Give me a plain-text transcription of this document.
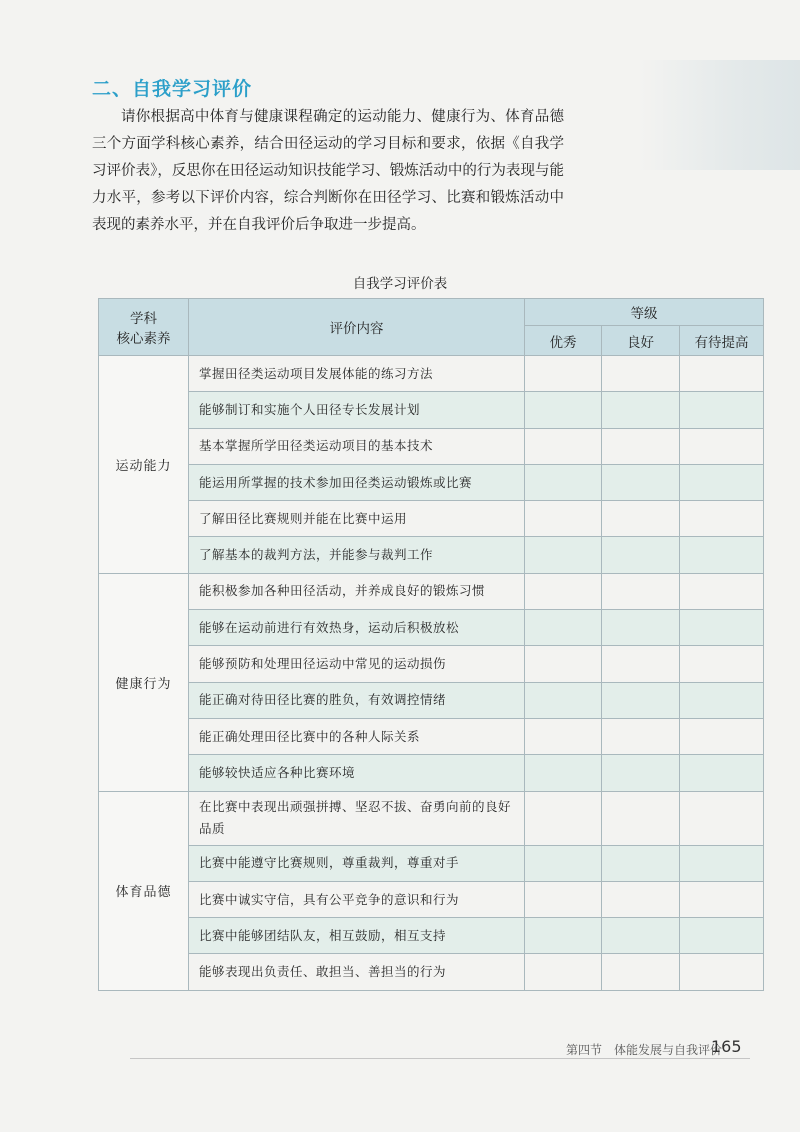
二、自我学习评价

请你根据高中体育与健康课程确定的运动能力、健康行为、体育品德三个方面学科核心素养，结合田径运动的学习目标和要求，依据《自我学习评价表》，反思你在田径运动知识技能学习、锻炼活动中的行为表现与能力水平，参考以下评价内容，综合判断你在田径学习、比赛和锻炼活动中表现的素养水平，并在自我评价后争取进一步提高。

自我学习评价表

学科
核心素养	评价内容	等级		
		优秀	良好	有待提高
运动能力	掌握田径类运动项目发展体能的练习方法			
	能够制订和实施个人田径专长发展计划			
	基本掌握所学田径类运动项目的基本技术			
	能运用所掌握的技术参加田径类运动锻炼或比赛			
	了解田径比赛规则并能在比赛中运用			
	了解基本的裁判方法，并能参与裁判工作			
健康行为	能积极参加各种田径活动，并养成良好的锻炼习惯			
	能够在运动前进行有效热身，运动后积极放松			
	能够预防和处理田径运动中常见的运动损伤			
	能正确对待田径比赛的胜负，有效调控情绪			
	能正确处理田径比赛中的各种人际关系			
	能够较快适应各种比赛环境			
体育品德	在比赛中表现出顽强拼搏、坚忍不拔、奋勇向前的良好品质			
	比赛中能遵守比赛规则，尊重裁判，尊重对手			
	比赛中诚实守信，具有公平竞争的意识和行为			
	比赛中能够团结队友，相互鼓励，相互支持			
	能够表现出负责任、敢担当、善担当的行为			

第四节　体能发展与自我评价

165
